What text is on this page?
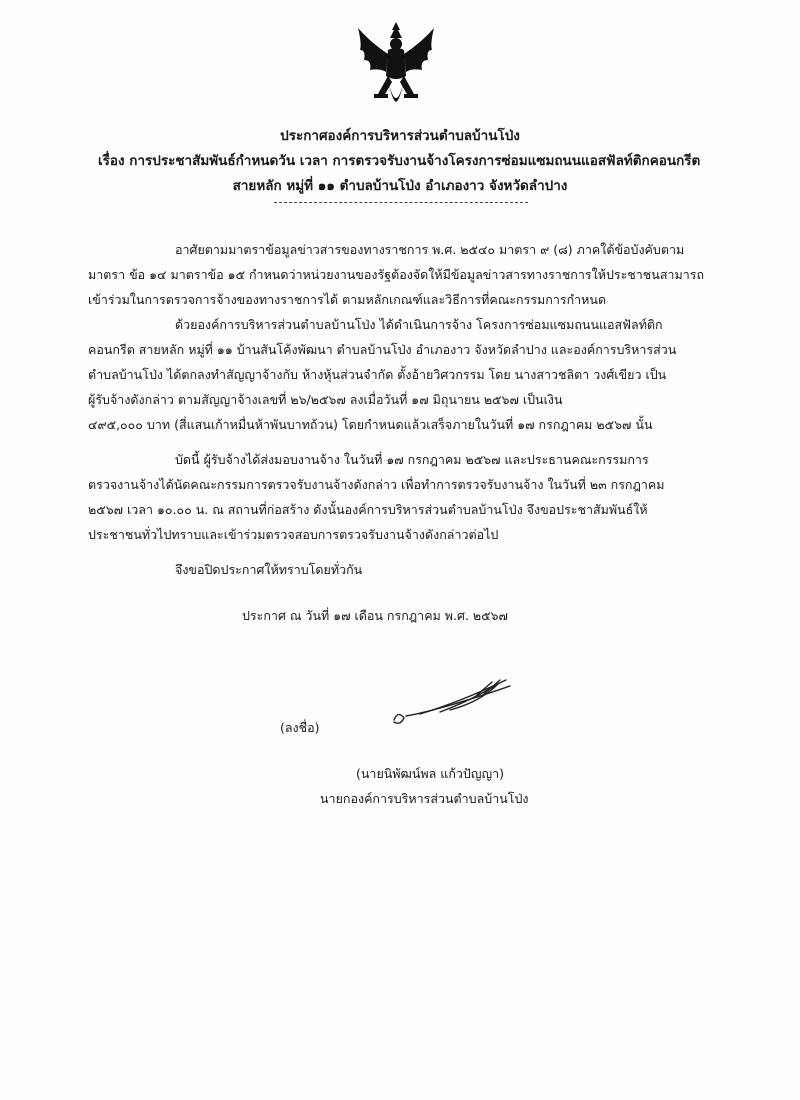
ประกาศองค์การบริหารส่วนตำบลบ้านโป่ง
เรื่อง การประชาสัมพันธ์กำหนดวัน เวลา การตรวจรับงานจ้างโครงการซ่อมแซมถนนแอสฟัลท์ติกคอนกรีต
สายหลัก หมู่ที่ ๑๑ ตำบลบ้านโป่ง อำเภองาว จังหวัดลำปาง
อาศัยตามมาตราข้อมูลข่าวสารของทางราชการ พ.ศ. ๒๕๔๐ มาตรา ๙ (๘) ภาคใต้ข้อบังคับตาม
มาตรา ข้อ ๑๔ มาตราข้อ ๑๕ กำหนดว่าหน่วยงานของรัฐต้องจัดให้มีข้อมูลข่าวสารทางราชการให้ประชาชนสามารถ
เข้าร่วมในการตรวจการจ้างของทางราชการได้ ตามหลักเกณฑ์และวิธีการที่คณะกรรมการกำหนด
ด้วยองค์การบริหารส่วนตำบลบ้านโป่ง ได้ดำเนินการจ้าง โครงการซ่อมแซมถนนแอสฟัลท์ติก
คอนกรีต สายหลัก หมู่ที่ ๑๑ บ้านสันโค้งพัฒนา ตำบลบ้านโป่ง อำเภองาว จังหวัดลำปาง และองค์การบริหารส่วน
ตำบลบ้านโป่ง ได้ตกลงทำสัญญาจ้างกับ ห้างหุ้นส่วนจำกัด ตั้งอ้ายวิศวกรรม โดย นางสาวชลิตา วงศ์เขียว เป็น
ผู้รับจ้างดังกล่าว ตามสัญญาจ้างเลขที่ ๒๖/๒๕๖๗ ลงเมื่อวันที่ ๑๗ มิถุนายน ๒๕๖๗ เป็นเงิน
๔๙๕,๐๐๐ บาท (สี่แสนเก้าหมื่นห้าพันบาทถ้วน) โดยกำหนดแล้วเสร็จภายในวันที่ ๑๗ กรกฎาคม ๒๕๖๗ นั้น
บัดนี้ ผู้รับจ้างได้ส่งมอบงานจ้าง ในวันที่ ๑๗ กรกฎาคม ๒๕๖๗ และประธานคณะกรรมการ
ตรวจงานจ้างได้นัดคณะกรรมการตรวจรับงานจ้างดังกล่าว เพื่อทำการตรวจรับงานจ้าง ในวันที่ ๒๓ กรกฎาคม
๒๕๖๗ เวลา ๑๐.๐๐ น. ณ สถานที่ก่อสร้าง ดังนั้นองค์การบริหารส่วนตำบลบ้านโป่ง จึงขอประชาสัมพันธ์ให้
ประชาชนทั่วไปทราบและเข้าร่วมตรวจสอบการตรวจรับงานจ้างดังกล่าวต่อไป
จึงขอปิดประกาศให้ทราบโดยทั่วกัน
ประกาศ ณ วันที่ ๑๗ เดือน กรกฎาคม พ.ศ. ๒๕๖๗
(ลงชื่อ)
(นายนิพัฒน์พล แก้วปัญญา)
นายกองค์การบริหารส่วนตำบลบ้านโป่ง
